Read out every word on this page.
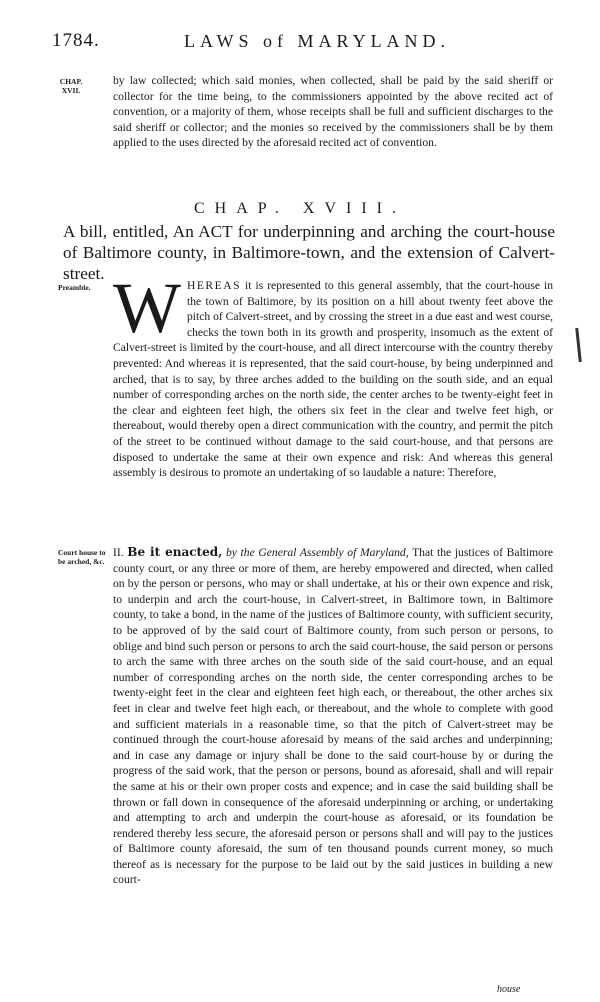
1784.	LAWS of MARYLAND.
CHAP. XVII.
by law collected; which said monies, when collected, shall be paid by the said sheriff or collector for the time being, to the commissioners appointed by the above recited act of convention, or a majority of them, whose receipts shall be full and sufficient discharges to the said sheriff or collector; and the monies so received by the commissioners shall be by them applied to the uses directed by the aforesaid recited act of convention.
CHAP. XVIII.
A bill, entitled, An ACT for underpinning and arching the court-house of Baltimore county, in Baltimore-town, and the extension of Calvert-street.
Preamble. WHEREAS it is represented to this general assembly, that the court-house in the town of Baltimore, by its position on a hill about twenty feet above the pitch of Calvert-street, and by crossing the street in a due east and west course, checks the town both in its growth and prosperity, insomuch as the extent of Calvert-street is limited by the court-house, and all direct intercourse with the country thereby prevented: And whereas it is represented, that the said court-house, by being underpinned and arched, that is to say, by three arches added to the building on the south side, and an equal number of corresponding arches on the north side, the center arches to be twenty-eight feet in the clear and eighteen feet high, the others six feet in the clear and twelve feet high, or thereabout, would thereby open a direct communication with the country, and permit the pitch of the street to be continued without damage to the said court-house, and that persons are disposed to undertake the same at their own expence and risk: And whereas this general assembly is desirous to promote an undertaking of so laudable a nature: Therefore,
Court house to be arched, &c.
II. Be it enacted, by the General Assembly of Maryland, That the justices of Baltimore county court, or any three or more of them, are hereby empowered and directed, when called on by the person or persons, who may or shall undertake, at his or their own expence and risk, to underpin and arch the court-house, in Calvert-street, in Baltimore town, in Baltimore county, to take a bond, in the name of the justices of Baltimore county, with sufficient security, to be approved of by the said court of Baltimore county, from such person or persons, to oblige and bind such person or persons to arch the said court-house, the said person or persons to arch the same with three arches on the south side of the said court-house, and an equal number of corresponding arches on the north side, the center corresponding arches to be twenty-eight feet in the clear and eighteen feet high each, or thereabout, the other arches six feet in clear and twelve feet high each, or thereabout, and the whole to complete with good and sufficient materials in a reasonable time, so that the pitch of Calvert-street may be continued through the court-house aforesaid by means of the said arches and underpinning; and in case any damage or injury shall be done to the said court-house by or during the progress of the said work, that the person or persons, bound as aforesaid, shall and will repair the same at his or their own proper costs and expence; and in case the said building shall be thrown or fall down in consequence of the aforesaid underpinning or arching, or undertaking and attempting to arch and underpin the court-house as aforesaid, or its foundation be rendered thereby less secure, the aforesaid person or persons shall and will pay to the justices of Baltimore county aforesaid, the sum of ten thousand pounds current money, so much thereof as is necessary for the purpose to be laid out by the said justices in building a new court-
house
